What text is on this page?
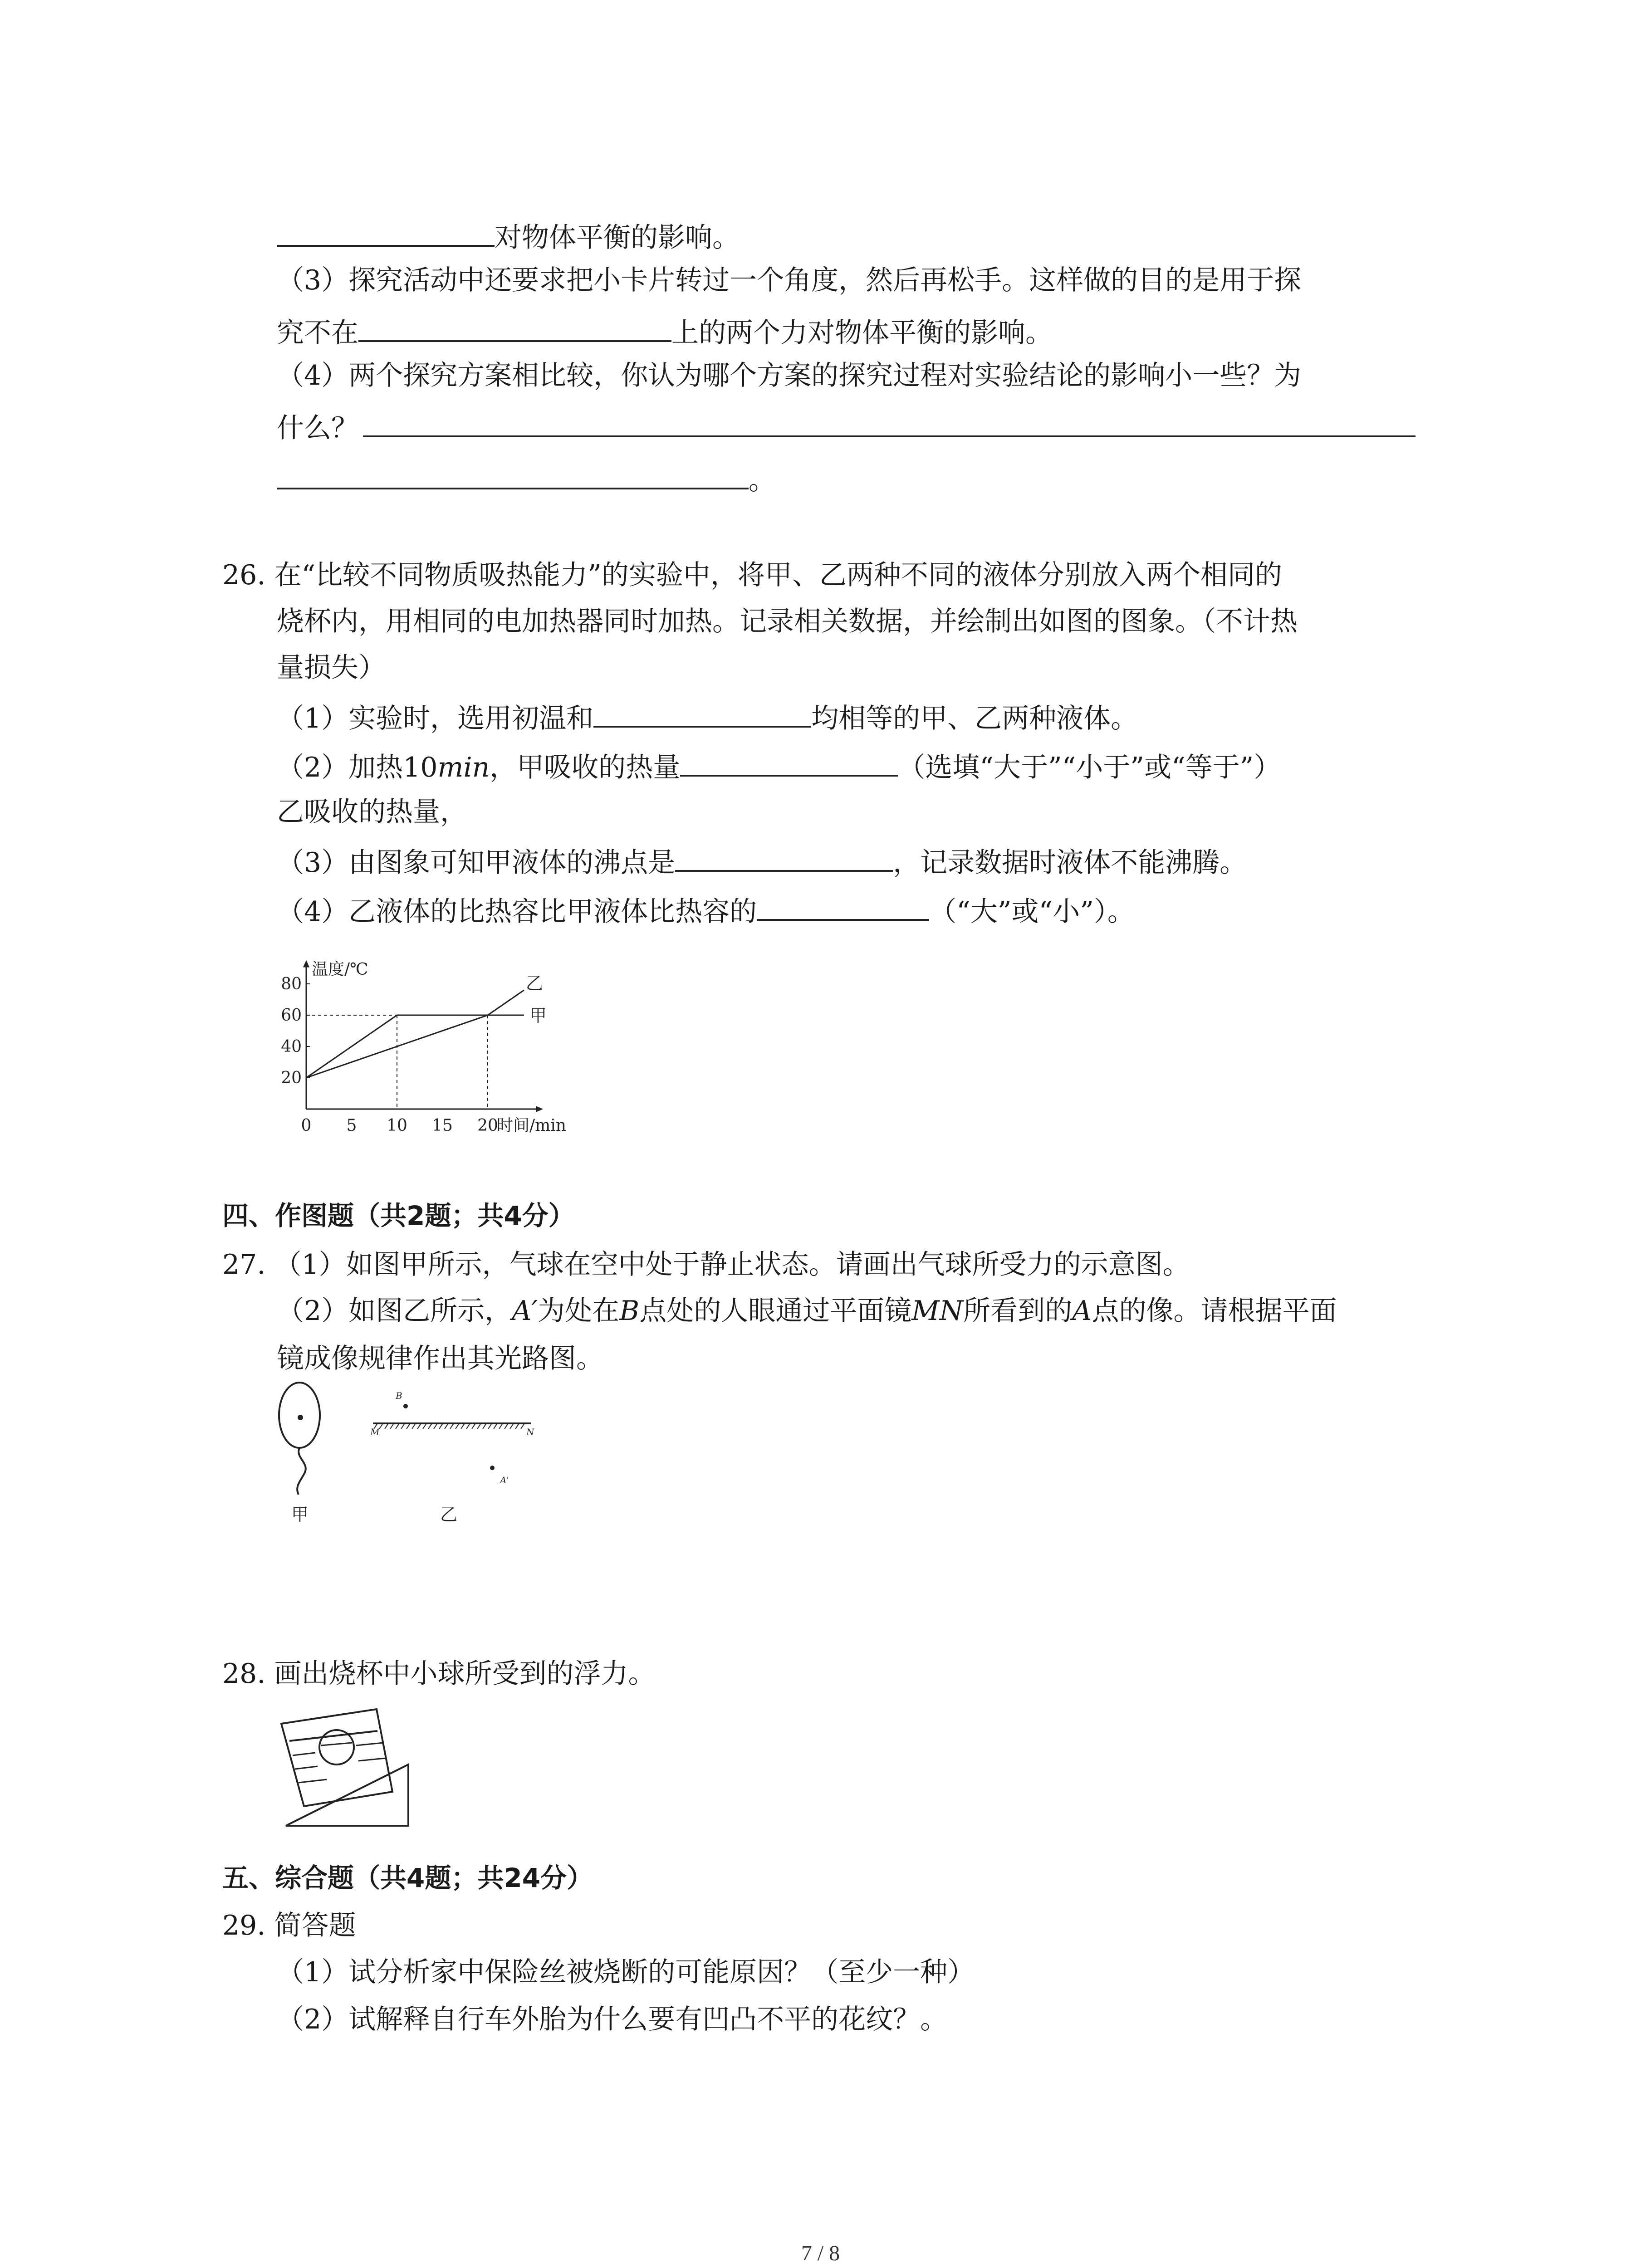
对物体平衡的影响。
（3）探究活动中还要求把小卡片转过一个角度，然后再松手。这样做的目的是用于探
究不在	上的两个力对物体平衡的影响。
（4）两个探究方案相比较，你认为哪个方案的探究过程对实验结论的影响小一些？为
什么？
。
26. 在“比较不同物质吸热能力”的实验中，将甲、乙两种不同的液体分别放入两个相同的
烧杯内，用相同的电加热器同时加热。记录相关数据，并绘制出如图的图象。（不计热
量损失）
（1）实验时，选用初温和	均相等的甲、乙两种液体。
（2）加热10min，甲吸收的热量	（选填“大于”“小于”或“等于”）
乙吸收的热量，
（3）由图象可知甲液体的沸点是	，记录数据时液体不能沸腾。
（4）乙液体的比热容比甲液体比热容的	（“大”或“小”）。
温度/℃
20
40
60
80
0 5 10 15 20
时间/min
乙
甲
四、作图题（共2题；共4分）
27. （1）如图甲所示，气球在空中处于静止状态。请画出气球所受力的示意图。
（2）如图乙所示，A′为处在B点处的人眼通过平面镜MN所看到的A点的像。请根据平面
镜成像规律作出其光路图。
甲
B
M	N
A'
乙
28. 画出烧杯中小球所受到的浮力。
五、综合题（共4题；共24分）
29. 简答题
（1）试分析家中保险丝被烧断的可能原因？（至少一种）
（2）试解释自行车外胎为什么要有凹凸不平的花纹？。
7 / 8
